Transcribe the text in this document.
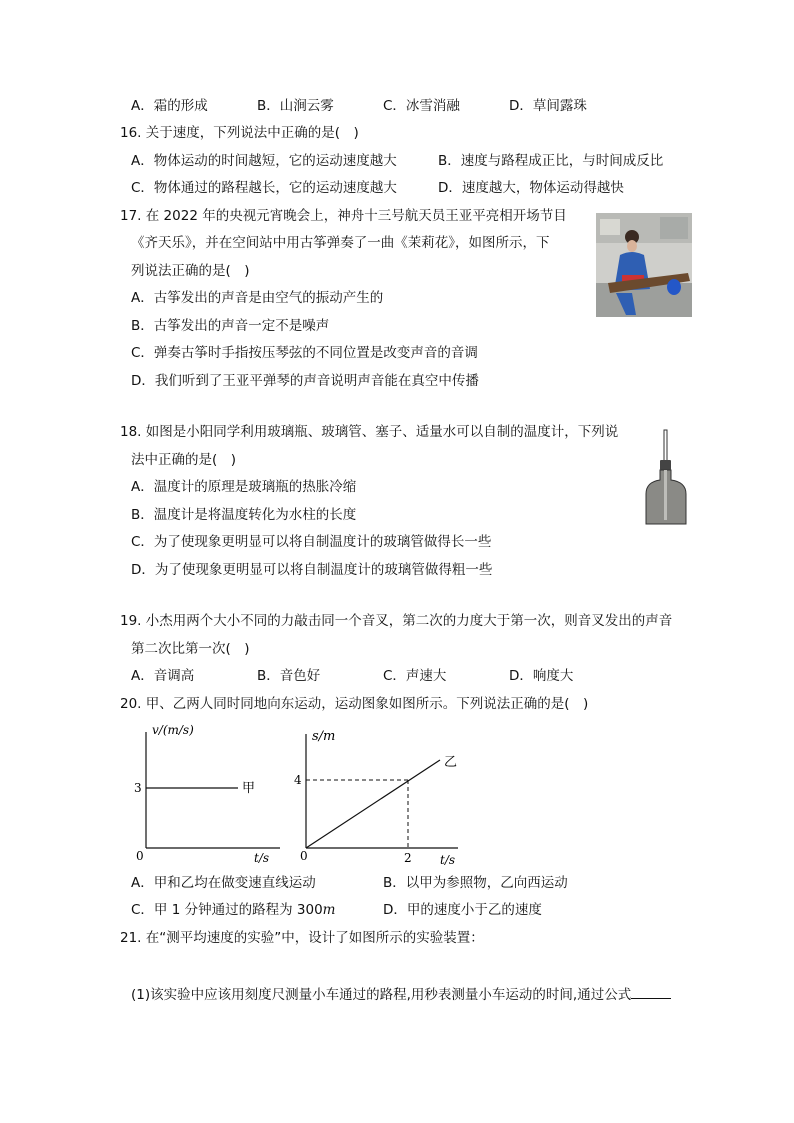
A．霜的形成	B．山涧云雾	C．冰雪消融	D．草间露珠
16. 关于速度，下列说法中正确的是(　)
A．物体运动的时间越短，它的运动速度越大	B．速度与路程成正比，与时间成反比
C．物体通过的路程越长，它的运动速度越大	D．速度越大，物体运动得越快
17. 在 2022 年的央视元宵晚会上，神舟十三号航天员王亚平亮相开场节目
《齐天乐》，并在空间站中用古筝弹奏了一曲《茉莉花》，如图所示，下
列说法正确的是(　)
A．古筝发出的声音是由空气的振动产生的
B．古筝发出的声音一定不是噪声
C．弹奏古筝时手指按压琴弦的不同位置是改变声音的音调
D．我们听到了王亚平弹琴的声音说明声音能在真空中传播
18. 如图是小阳同学利用玻璃瓶、玻璃管、塞子、适量水可以自制的温度计，下列说
法中正确的是(　)
A．温度计的原理是玻璃瓶的热胀冷缩
B．温度计是将温度转化为水柱的长度
C．为了使现象更明显可以将自制温度计的玻璃管做得长一些
D．为了使现象更明显可以将自制温度计的玻璃管做得粗一些
19. 小杰用两个大小不同的力敲击同一个音叉，第二次的力度大于第一次，则音叉发出的声音
第二次比第一次(　)
A．音调高	B．音色好	C．声速大	D．响度大
20. 甲、乙两人同时同地向东运动，运动图象如图所示。下列说法正确的是(　)
v/(m/s)
3	甲
0	t/s
s/m
4
乙
0	2 t/s
A．甲和乙均在做变速直线运动	B．以甲为参照物，乙向西运动
C．甲 1 分钟通过的路程为 300m	D．甲的速度小于乙的速度
21. 在“测平均速度的实验”中，设计了如图所示的实验装置：
(1)该实验中应该用刻度尺测量小车通过的路程,用秒表测量小车运动的时间,通过公式
